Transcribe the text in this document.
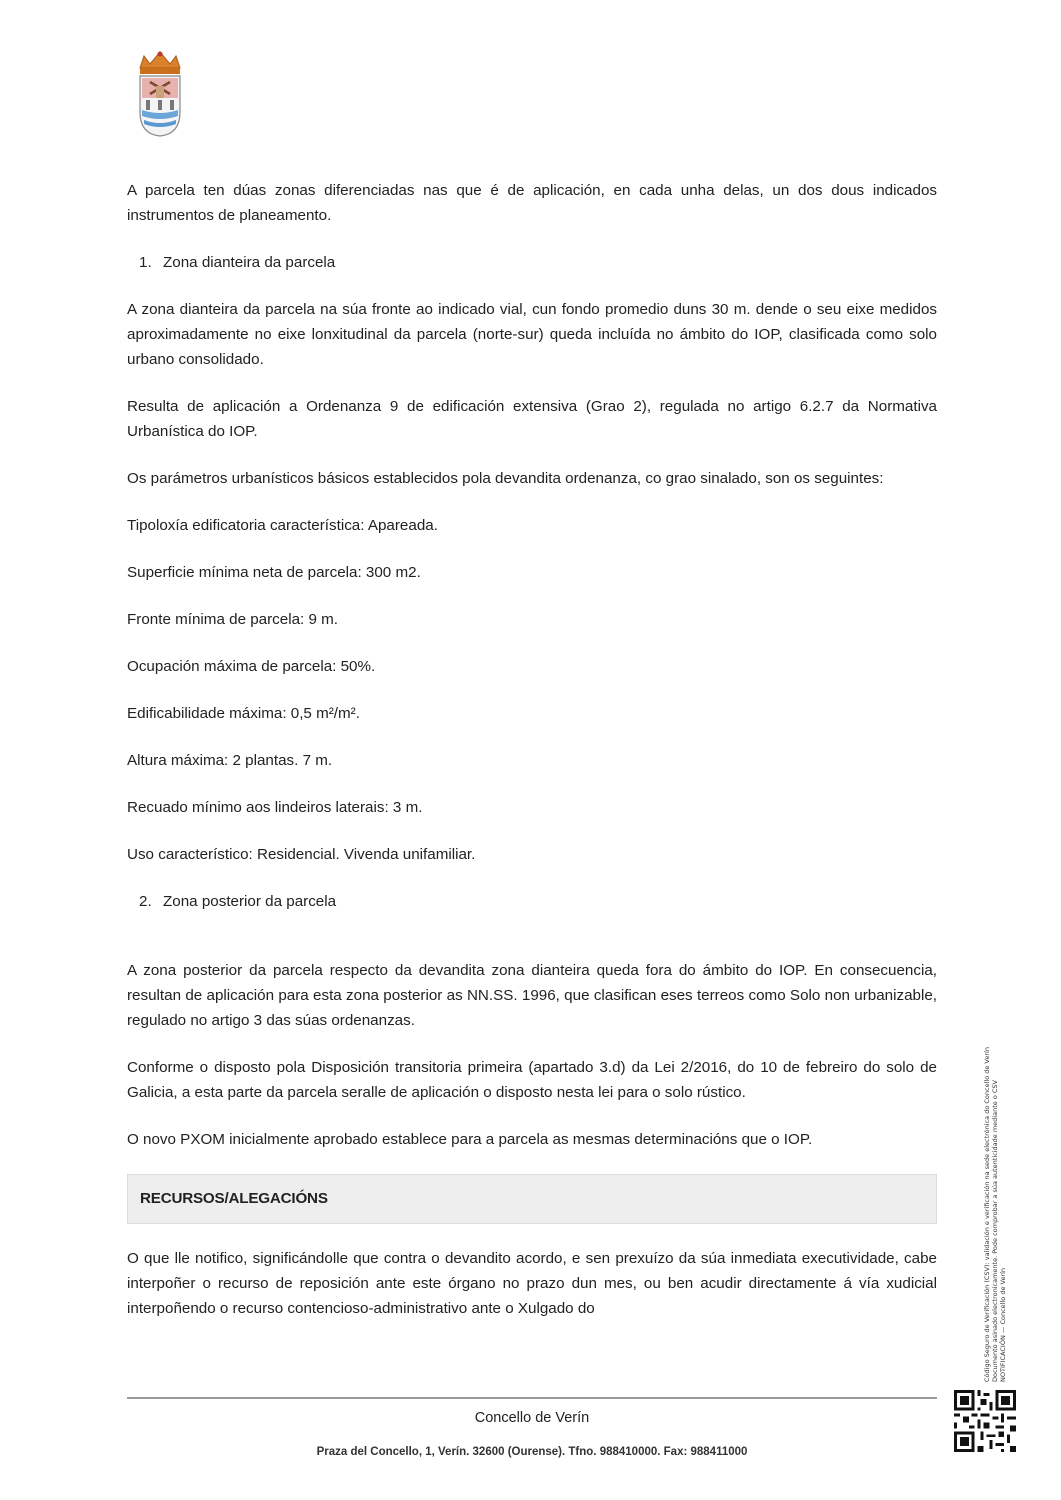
A parcela ten dúas zonas diferenciadas nas que é de aplicación, en cada unha delas, un dos dous indicados instrumentos de planeamento.

1. Zona dianteira da parcela

A zona dianteira da parcela na súa fronte ao indicado vial, cun fondo promedio duns 30 m. dende o seu eixe medidos aproximadamente no eixe lonxitudinal da parcela (norte-sur) queda incluída no ámbito do IOP, clasificada como solo urbano consolidado.

Resulta de aplicación a Ordenanza 9 de edificación extensiva (Grao 2), regulada no artigo 6.2.7 da Normativa Urbanística do IOP.

Os parámetros urbanísticos básicos establecidos pola devandita ordenanza, co grao sinalado, son os seguintes:

Tipoloxía edificatoria característica: Apareada.

Superficie mínima neta de parcela: 300 m2.

Fronte mínima de parcela: 9 m.

Ocupación máxima de parcela: 50%.

Edificabilidade máxima: 0,5 m²/m².

Altura máxima: 2 plantas. 7 m.

Recuado mínimo aos lindeiros laterais: 3 m.

Uso característico: Residencial. Vivenda unifamiliar.

2. Zona posterior da parcela

A zona posterior da parcela respecto da devandita zona dianteira queda fora do ámbito do IOP. En consecuencia, resultan de aplicación para esta zona posterior as NN.SS. 1996, que clasifican eses terreos como Solo non urbanizable, regulado no artigo 3 das súas ordenanzas.

Conforme o disposto pola Disposición transitoria primeira (apartado 3.d) da Lei 2/2016, do 10 de febreiro do solo de Galicia, a esta parte da parcela seralle de aplicación o disposto nesta lei para o solo rústico.

O novo PXOM inicialmente aprobado establece para a parcela as mesmas determinacións que o IOP.

RECURSOS/ALEGACIÓNS

O que lle notifico, significándolle que contra o devandito acordo, e sen prexuízo da súa inmediata executividade, cabe interpoñer o recurso de reposición ante este órgano no prazo dun mes, ou ben acudir directamente á vía xudicial interpoñendo o recurso contencioso-administrativo ante o Xulgado do

Concello de Verín
Praza del Concello, 1, Verín. 32600 (Ourense). Tfno. 988410000. Fax: 988411000
Código Seguro de Verificación (CSV): validación e verificación na sede electrónica do Concello de Verín Documento asinado electronicamente. Pode comprobar a súa autenticidade mediante o CSV NOTIFICACIÓN — Concello de Verín
